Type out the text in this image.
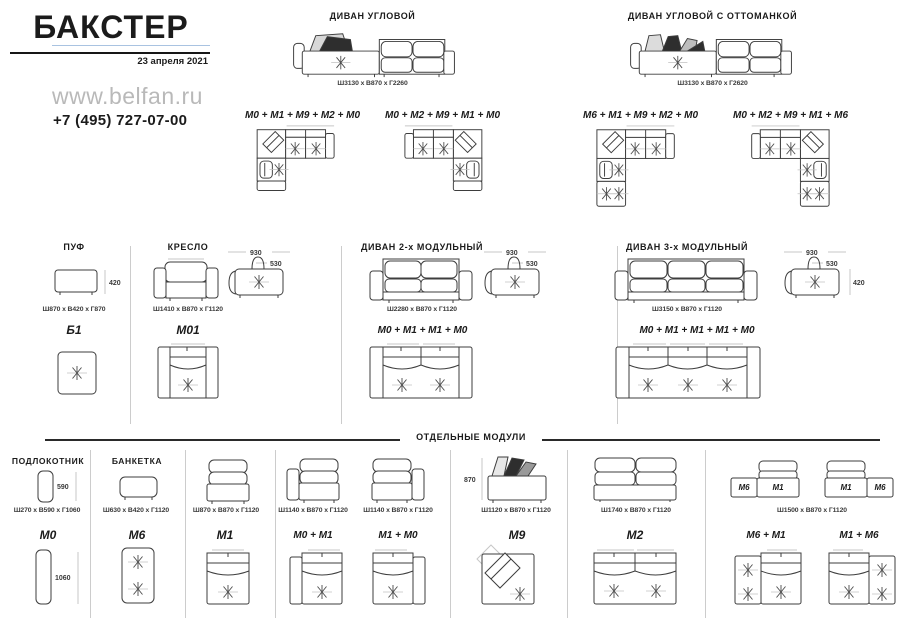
БАКСТЕР
23 апреля 2021
www.belfan.ru
+7 (495) 727-07-00
ДИВАН УГЛОВОЙ
Ш3130 x В870 x Г2260
М0 + М1 + М9 + М2 + М0 М0 + М2 + М9 + М1 + М0
ДИВАН УГЛОВОЙ С ОТТОМАНКОЙ
Ш3130 x В870 x Г2620
М6 + М1 + М9 + М2 + М0	М0 + М2 + М9 + М1 + М6
ПУФ
420
Ш870 x В420 x Г870
Б1
КРЕСЛО
930
530
Ш1410 x В870 x Г1120
М01
ДИВАН 2-х МОДУЛЬНЫЙ
930
530
Ш2280 x В870 x Г1120
М0 + М1 + М1 + М0
ДИВАН 3-х МОДУЛЬНЫЙ
930
530
420
Ш3150 x В870 x Г1120
М0 + М1 + М1 + М1 + М0
ОТДЕЛЬНЫЕ МОДУЛИ
ПОДЛОКОТНИК
590
Ш270 x В590 x Г1060
М0
1060
БАНКЕТКА
Ш630 x В420 x Г1120
М6
Ш870 x В870 x Г1120
М1
Ш1140 x В870 x Г1120
М0 + М1
Ш1140 x В870 x Г1120
М1 + М0
870
Ш1120 x В870 x Г1120
М9
Ш1740 x В870 x Г1120
М2
М6	М1	М1	М6
Ш1500 x В870 x Г1120
М6 + М1	М1 + М6
